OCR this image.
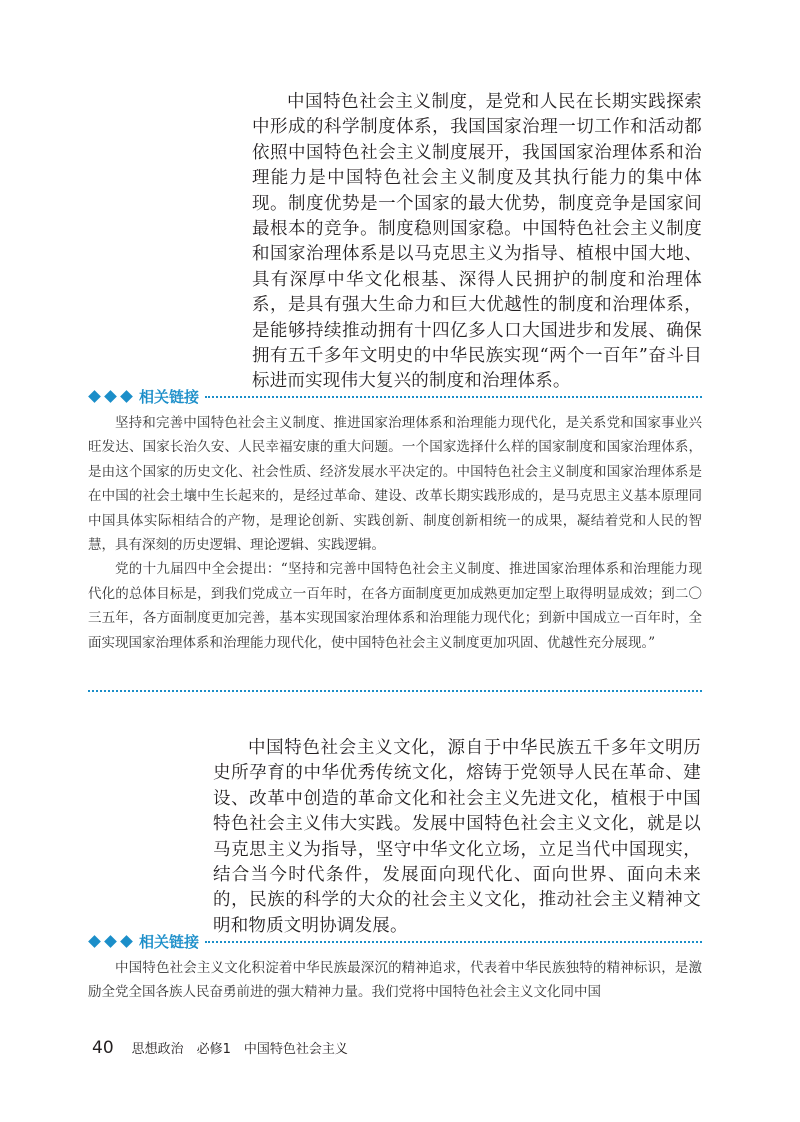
中国特色社会主义制度，是党和人民在长期实践探索中形成的科学制度体系，我国国家治理一切工作和活动都依照中国特色社会主义制度展开，我国国家治理体系和治理能力是中国特色社会主义制度及其执行能力的集中体现。制度优势是一个国家的最大优势，制度竞争是国家间最根本的竞争。制度稳则国家稳。中国特色社会主义制度和国家治理体系是以马克思主义为指导、植根中国大地、具有深厚中华文化根基、深得人民拥护的制度和治理体系，是具有强大生命力和巨大优越性的制度和治理体系，是能够持续推动拥有十四亿多人口大国进步和发展、确保拥有五千多年文明史的中华民族实现“两个一百年”奋斗目标进而实现伟大复兴的制度和治理体系。

相关链接

坚持和完善中国特色社会主义制度、推进国家治理体系和治理能力现代化，是关系党和国家事业兴旺发达、国家长治久安、人民幸福安康的重大问题。一个国家选择什么样的国家制度和国家治理体系，是由这个国家的历史文化、社会性质、经济发展水平决定的。中国特色社会主义制度和国家治理体系是在中国的社会土壤中生长起来的，是经过革命、建设、改革长期实践形成的，是马克思主义基本原理同中国具体实际相结合的产物，是理论创新、实践创新、制度创新相统一的成果，凝结着党和人民的智慧，具有深刻的历史逻辑、理论逻辑、实践逻辑。

党的十九届四中全会提出：“坚持和完善中国特色社会主义制度、推进国家治理体系和治理能力现代化的总体目标是，到我们党成立一百年时，在各方面制度更加成熟更加定型上取得明显成效；到二〇三五年，各方面制度更加完善，基本实现国家治理体系和治理能力现代化；到新中国成立一百年时，全面实现国家治理体系和治理能力现代化，使中国特色社会主义制度更加巩固、优越性充分展现。”

中国特色社会主义文化，源自于中华民族五千多年文明历史所孕育的中华优秀传统文化，熔铸于党领导人民在革命、建设、改革中创造的革命文化和社会主义先进文化，植根于中国特色社会主义伟大实践。发展中国特色社会主义文化，就是以马克思主义为指导，坚守中华文化立场，立足当代中国现实，结合当今时代条件，发展面向现代化、面向世界、面向未来的，民族的科学的大众的社会主义文化，推动社会主义精神文明和物质文明协调发展。

相关链接

中国特色社会主义文化积淀着中华民族最深沉的精神追求，代表着中华民族独特的精神标识，是激励全党全国各族人民奋勇前进的强大精神力量。我们党将中国特色社会主义文化同中国

40 思想政治　必修1　中国特色社会主义
